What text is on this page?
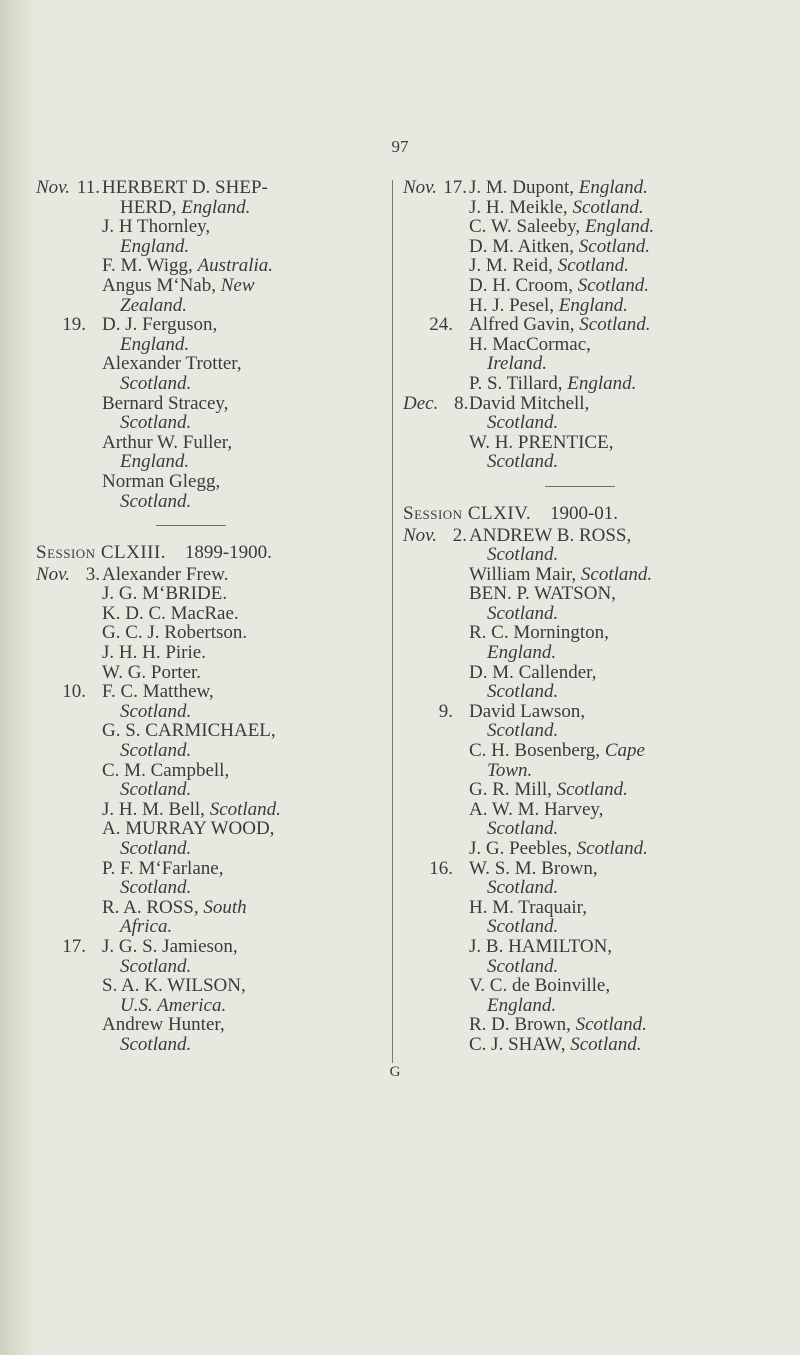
97
Nov. 11. HERBERT D. SHEP-
HERD, England.
J. H Thornley,
England.
F. M. Wigg, Australia.
Angus M‘Nab, New
Zealand.
19. D. J. Ferguson,
England.
Alexander Trotter,
Scotland.
Bernard Stracey,
Scotland.
Arthur W. Fuller,
England.
Norman Glegg,
Scotland.
Session CLXIII. 1899-1900.
Nov. 3. Alexander Frew.
J. G. M‘BRIDE.
K. D. C. MacRae.
G. C. J. Robertson.
J. H. H. Pirie.
W. G. Porter.
10. F. C. Matthew,
Scotland.
G. S. CARMICHAEL,
Scotland.
C. M. Campbell,
Scotland.
J. H. M. Bell, Scotland.
A. MURRAY WOOD,
Scotland.
P. F. M‘Farlane,
Scotland.
R. A. ROSS, South
Africa.
17. J. G. S. Jamieson,
Scotland.
S. A. K. WILSON,
U.S. America.
Andrew Hunter,
Scotland.
Nov. 17. J. M. Dupont, England.
J. H. Meikle, Scotland.
C. W. Saleeby, England.
D. M. Aitken, Scotland.
J. M. Reid, Scotland.
D. H. Croom, Scotland.
H. J. Pesel, England.
24. Alfred Gavin, Scotland.
H. MacCormac,
Ireland.
P. S. Tillard, England.
Dec. 8. David Mitchell,
Scotland.
W. H. PRENTICE,
Scotland.
Session CLXIV. 1900-01.
Nov. 2. ANDREW B. ROSS,
Scotland.
William Mair, Scotland.
BEN. P. WATSON,
Scotland.
R. C. Mornington,
England.
D. M. Callender,
Scotland.
9. David Lawson,
Scotland.
C. H. Bosenberg, Cape
Town.
G. R. Mill, Scotland.
A. W. M. Harvey,
Scotland.
J. G. Peebles, Scotland.
16. W. S. M. Brown,
Scotland.
H. M. Traquair,
Scotland.
J. B. HAMILTON,
Scotland.
V. C. de Boinville,
England.
R. D. Brown, Scotland.
C. J. SHAW, Scotland.
G
